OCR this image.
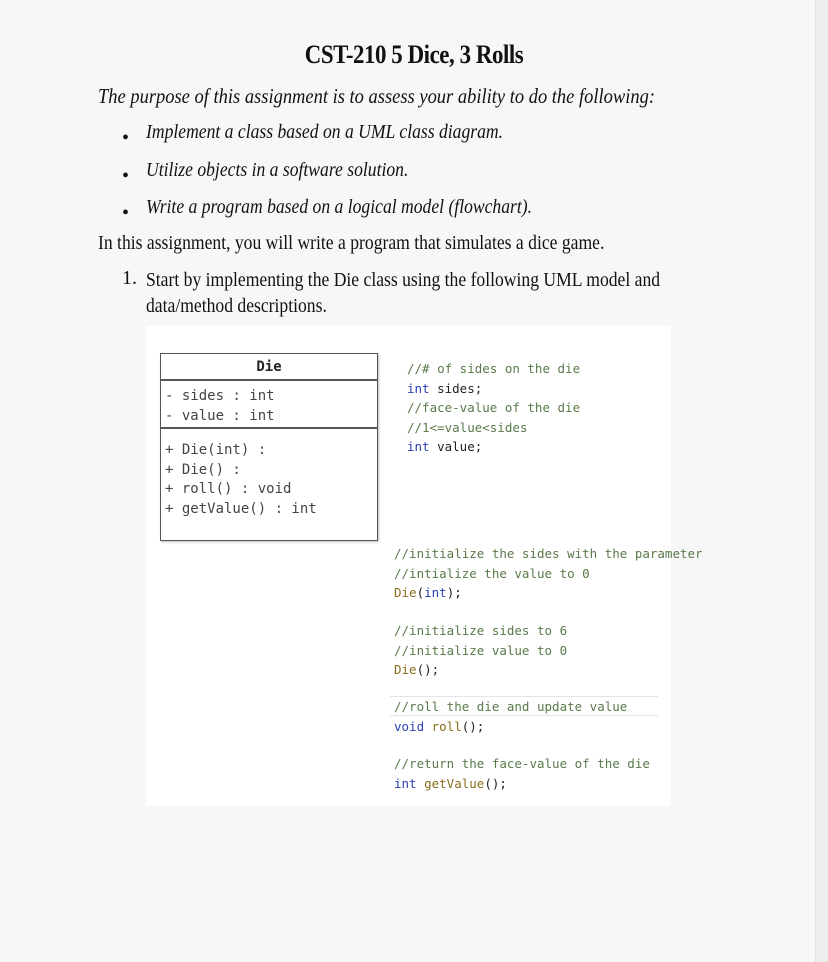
CST-210 5 Dice, 3 Rolls
The purpose of this assignment is to assess your ability to do the following:
• Implement a class based on a UML class diagram.
• Utilize objects in a software solution.
• Write a program based on a logical model (flowchart).
In this assignment, you will write a program that simulates a dice game.
1. Start by implementing the Die class using the following UML model and data/method descriptions.
Die
- sides : int
- value : int
+ Die(int) :
+ Die() :
+ roll() : void
+ getValue() : int
//# of sides on the die
int sides;
//face-value of the die
//1<=value<sides
int value;
//initialize the sides with the parameter
//intialize the value to 0
Die(int);
//initialize sides to 6
//initialize value to 0
Die();
//roll the die and update value
void roll();
//return the face-value of the die
int getValue();
